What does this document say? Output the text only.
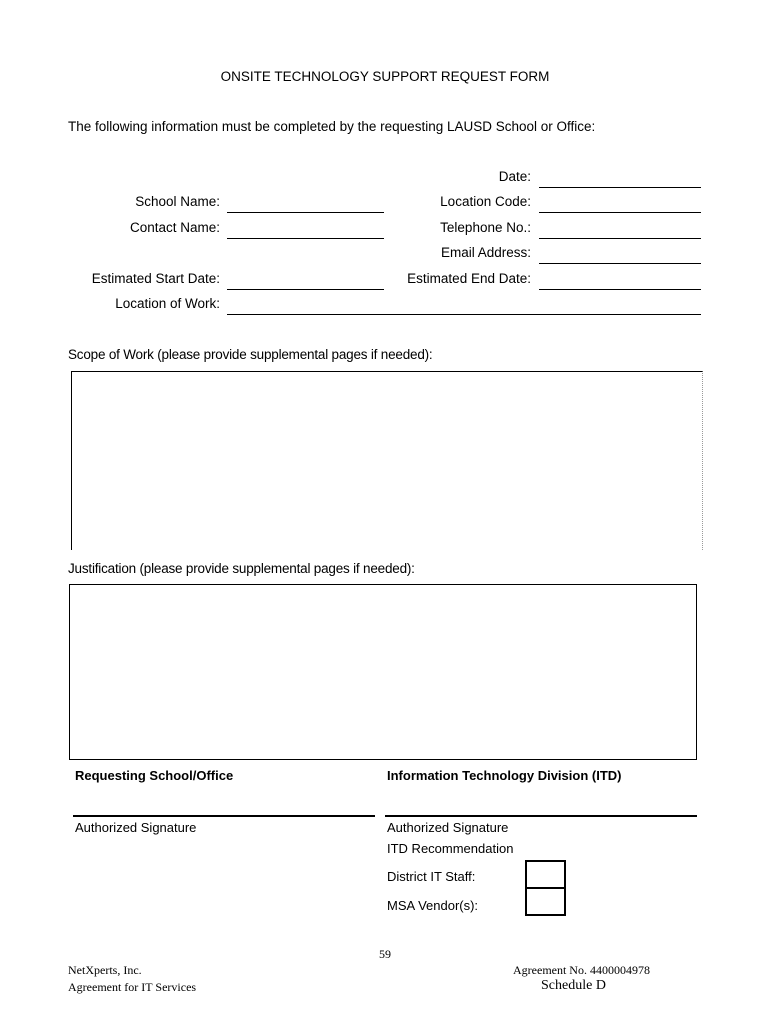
ONSITE TECHNOLOGY SUPPORT REQUEST FORM
The following information must be completed by the requesting LAUSD School or Office:
Date:
School Name:	Location Code:
Contact Name:	Telephone No.:
Email Address:
Estimated Start Date:	Estimated End Date:
Location of Work:
Scope of Work (please provide supplemental pages if needed):
Justification (please provide supplemental pages if needed):
Requesting School/Office	Information Technology Division (ITD)
Authorized Signature	Authorized Signature
ITD Recommendation
District IT Staff:
MSA Vendor(s):
59
NetXperts, Inc.
Agreement for IT Services
Agreement No. 4400004978
Schedule D
